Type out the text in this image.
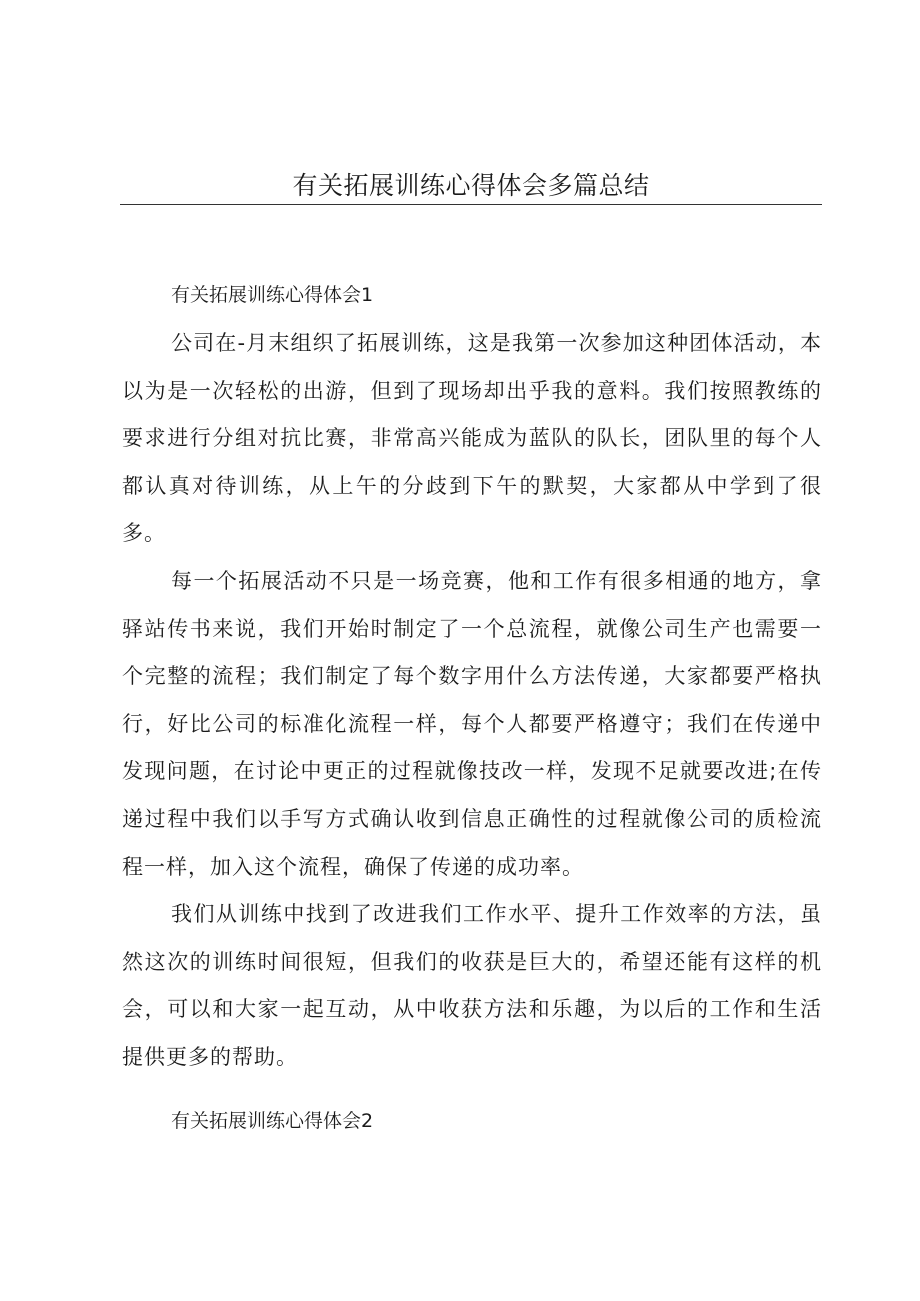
有关拓展训练心得体会多篇总结
有关拓展训练心得体会1

公司在-月末组织了拓展训练，这是我第一次参加这种团体活动，本以为是一次轻松的出游，但到了现场却出乎我的意料。我们按照教练的要求进行分组对抗比赛，非常高兴能成为蓝队的队长，团队里的每个人都认真对待训练，从上午的分歧到下午的默契，大家都从中学到了很多。

每一个拓展活动不只是一场竞赛，他和工作有很多相通的地方，拿驿站传书来说，我们开始时制定了一个总流程，就像公司生产也需要一个完整的流程；我们制定了每个数字用什么方法传递，大家都要严格执行，好比公司的标准化流程一样，每个人都要严格遵守；我们在传递中发现问题，在讨论中更正的过程就像技改一样，发现不足就要改进;在传递过程中我们以手写方式确认收到信息正确性的过程就像公司的质检流程一样，加入这个流程，确保了传递的成功率。

我们从训练中找到了改进我们工作水平、提升工作效率的方法，虽然这次的训练时间很短，但我们的收获是巨大的，希望还能有这样的机会，可以和大家一起互动，从中收获方法和乐趣，为以后的工作和生活提供更多的帮助。

有关拓展训练心得体会2
